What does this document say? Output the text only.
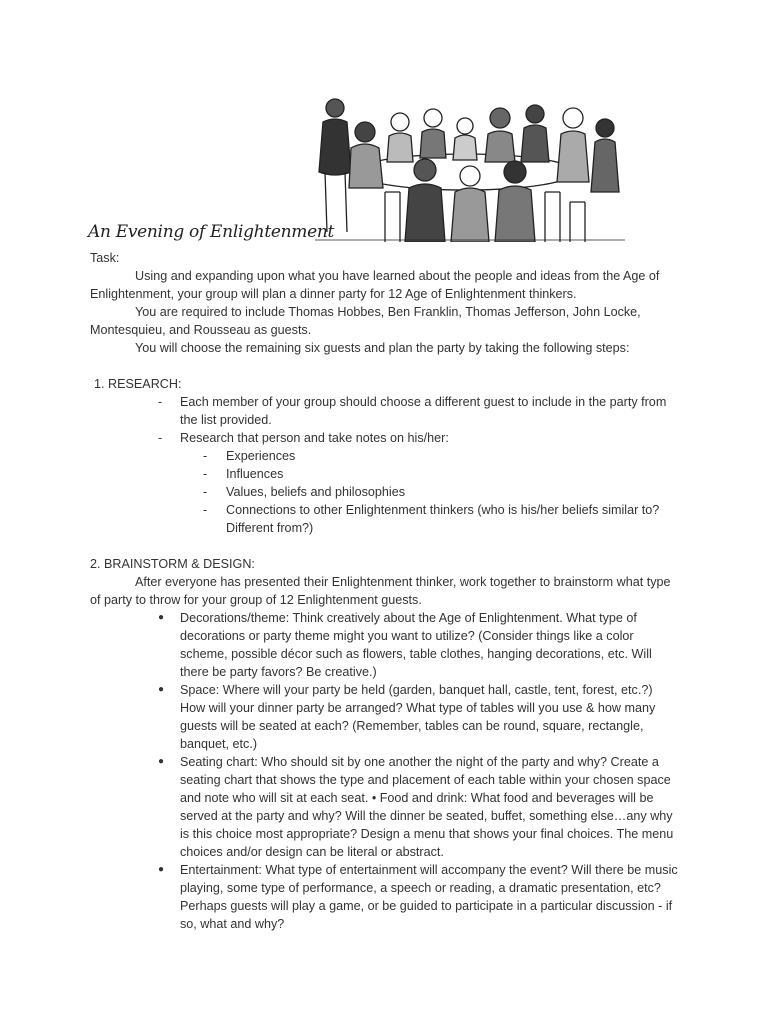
An Evening of Enlightenment

Task:

Using and expanding upon what you have learned about the people and ideas from the Age of Enlightenment, your group will plan a dinner party for 12 Age of Enlightenment thinkers.

You are required to include Thomas Hobbes, Ben Franklin, Thomas Jefferson, John Locke, Montesquieu, and Rousseau as guests.

You will choose the remaining six guests and plan the party by taking the following steps:

1. RESEARCH:

- Each member of your group should choose a different guest to include in the party from the list provided.
- Research that person and take notes on his/her:
- Experiences
- Influences
- Values, beliefs and philosophies
- Connections to other Enlightenment thinkers (who is his/her beliefs similar to? Different from?)

2. BRAINSTORM & DESIGN:

After everyone has presented their Enlightenment thinker, work together to brainstorm what type of party to throw for your group of 12 Enlightenment guests.

● Decorations/theme: Think creatively about the Age of Enlightenment. What type of decorations or party theme might you want to utilize? (Consider things like a color scheme, possible décor such as flowers, table clothes, hanging decorations, etc. Will there be party favors? Be creative.)
● Space: Where will your party be held (garden, banquet hall, castle, tent, forest, etc.?) How will your dinner party be arranged? What type of tables will you use & how many guests will be seated at each? (Remember, tables can be round, square, rectangle, banquet, etc.)
● Seating chart: Who should sit by one another the night of the party and why? Create a seating chart that shows the type and placement of each table within your chosen space and note who will sit at each seat. • Food and drink: What food and beverages will be served at the party and why? Will the dinner be seated, buffet, something else…any why is this choice most appropriate? Design a menu that shows your final choices. The menu choices and/or design can be literal or abstract.
● Entertainment: What type of entertainment will accompany the event? Will there be music playing, some type of performance, a speech or reading, a dramatic presentation, etc? Perhaps guests will play a game, or be guided to participate in a particular discussion - if so, what and why?
